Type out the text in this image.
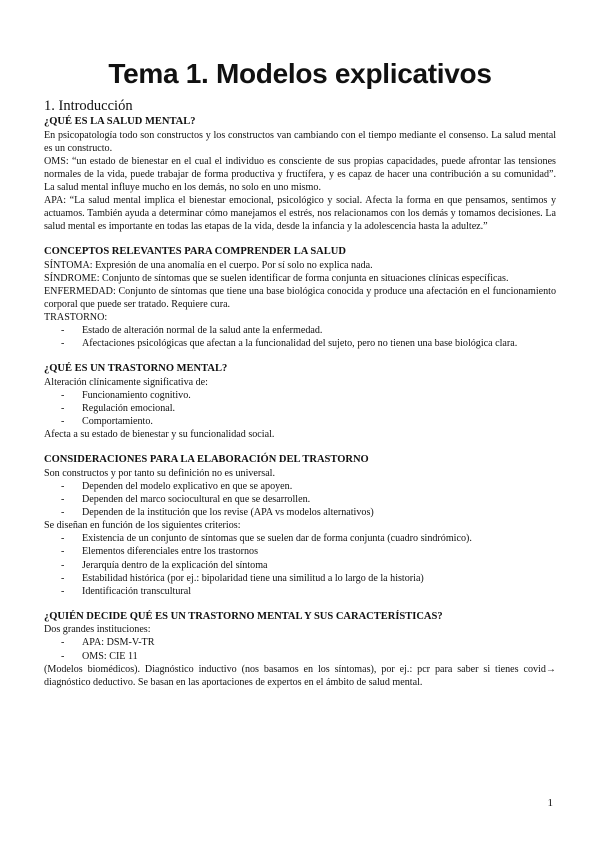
Tema 1. Modelos explicativos
1. Introducción
¿QUÉ ES LA SALUD MENTAL?

En psicopatología todo son constructos y los constructos van cambiando con el tiempo mediante el consenso. La salud mental es un constructo.

OMS: “un estado de bienestar en el cual el individuo es consciente de sus propias capacidades, puede afrontar las tensiones normales de la vida, puede trabajar de forma productiva y fructífera, y es capaz de hacer una contribución a su comunidad”. La salud mental influye mucho en los demás, no solo en uno mismo.

APA: “La salud mental implica el bienestar emocional, psicológico y social. Afecta la forma en que pensamos, sentimos y actuamos. También ayuda a determinar cómo manejamos el estrés, nos relacionamos con los demás y tomamos decisiones. La salud mental es importante en todas las etapas de la vida, desde la infancia y la adolescencia hasta la adultez.”

CONCEPTOS RELEVANTES PARA COMPRENDER LA SALUD

SÍNTOMA: Expresión de una anomalía en el cuerpo. Por sí solo no explica nada.

SÍNDROME: Conjunto de síntomas que se suelen identificar de forma conjunta en situaciones clínicas específicas.

ENFERMEDAD: Conjunto de síntomas que tiene una base biológica conocida y produce una afectación en el funcionamiento corporal que puede ser tratado. Requiere cura.

TRASTORNO:

- Estado de alteración normal de la salud ante la enfermedad.
- Afectaciones psicológicas que afectan a la funcionalidad del sujeto, pero no tienen una base biológica clara.
¿QUÉ ES UN TRASTORNO MENTAL?

Alteración clínicamente significativa de:

- Funcionamiento cognitivo.
- Regulación emocional.
- Comportamiento.

Afecta a su estado de bienestar y su funcionalidad social.

CONSIDERACIONES PARA LA ELABORACIÓN DEL TRASTORNO

Son constructos y por tanto su definición no es universal.

- Dependen del modelo explicativo en que se apoyen.
- Dependen del marco sociocultural en que se desarrollen.
- Dependen de la institución que los revise (APA vs modelos alternativos)

Se diseñan en función de los siguientes criterios:

- Existencia de un conjunto de síntomas que se suelen dar de forma conjunta (cuadro sindrómico).
- Elementos diferenciales entre los trastornos
- Jerarquía dentro de la explicación del síntoma
- Estabilidad histórica (por ej.: bipolaridad tiene una similitud a lo largo de la historia)
- Identificación transcultural
¿QUIÉN DECIDE QUÉ ES UN TRASTORNO MENTAL Y SUS CARACTERÍSTICAS?

Dos grandes instituciones:

- APA: DSM-V-TR
- OMS: CIE 11

(Modelos biomédicos). Diagnóstico inductivo (nos basamos en los síntomas), por ej.: pcr para saber si tienes covid→ diagnóstico deductivo. Se basan en las aportaciones de expertos en el ámbito de salud mental.

1
